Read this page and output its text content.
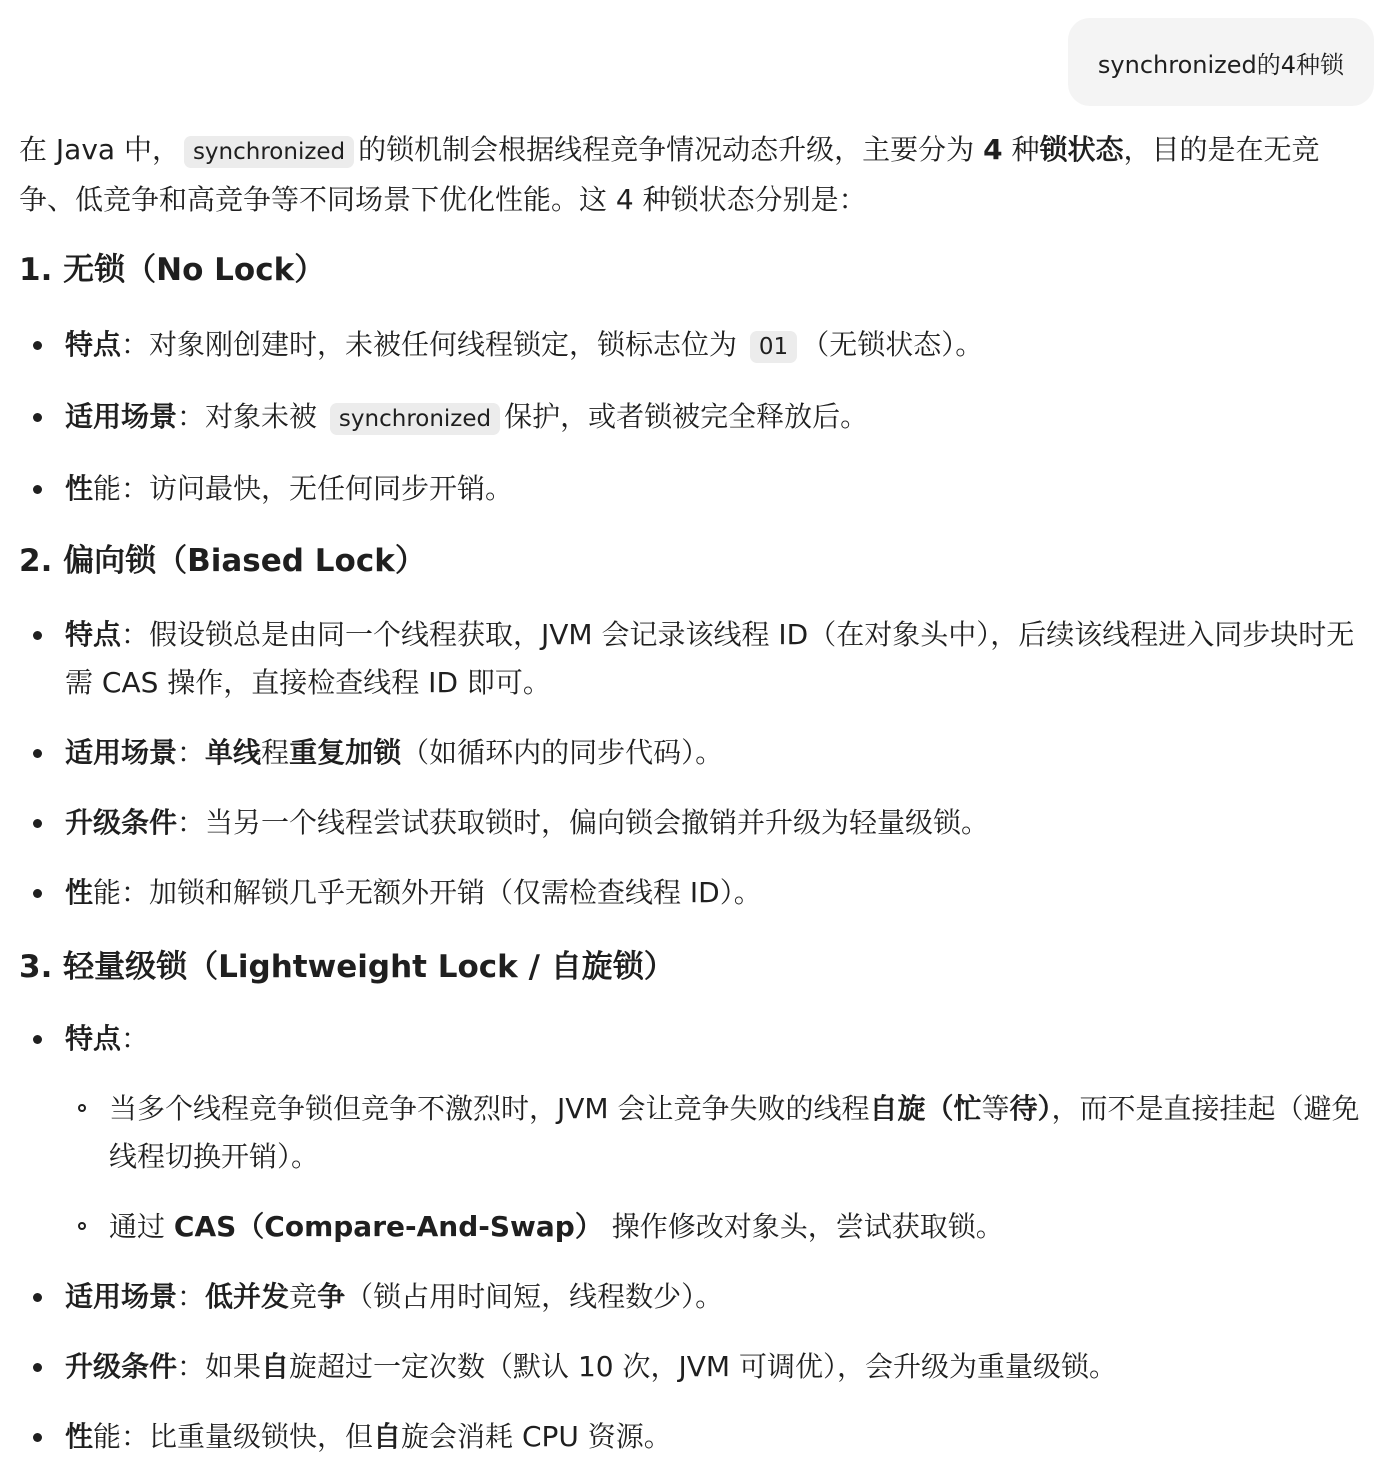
synchronized的4种锁

在 Java 中， synchronized 的锁机制会根据线程竞争情况动态升级，主要分为 4 种锁状态，目的是在无竞争、低竞争和高竞争等不同场景下优化性能。这 4 种锁状态分别是：

1. 无锁（No Lock）
特点：对象刚创建时，未被任何线程锁定，锁标志位为 01 （无锁状态）。
适用场景：对象未被 synchronized 保护，或者锁被完全释放后。
性能：访问最快，无任何同步开销。
2. 偏向锁（Biased Lock）
特点：假设锁总是由同一个线程获取，JVM 会记录该线程 ID（在对象头中），后续该线程进入同步块时无需 CAS 操作，直接检查线程 ID 即可。
适用场景：单线程重复加锁（如循环内的同步代码）。
升级条件：当另一个线程尝试获取锁时，偏向锁会撤销并升级为轻量级锁。
性能：加锁和解锁几乎无额外开销（仅需检查线程 ID）。
3. 轻量级锁（Lightweight Lock / 自旋锁）
特点：
当多个线程竞争锁但竞争不激烈时，JVM 会让竞争失败的线程自旋（忙等待），而不是直接挂起（避免线程切换开销）。
通过 CAS（Compare-And-Swap） 操作修改对象头，尝试获取锁。
适用场景：低并发竞争（锁占用时间短，线程数少）。
升级条件：如果自旋超过一定次数（默认 10 次，JVM 可调优），会升级为重量级锁。
性能：比重量级锁快，但自旋会消耗 CPU 资源。
